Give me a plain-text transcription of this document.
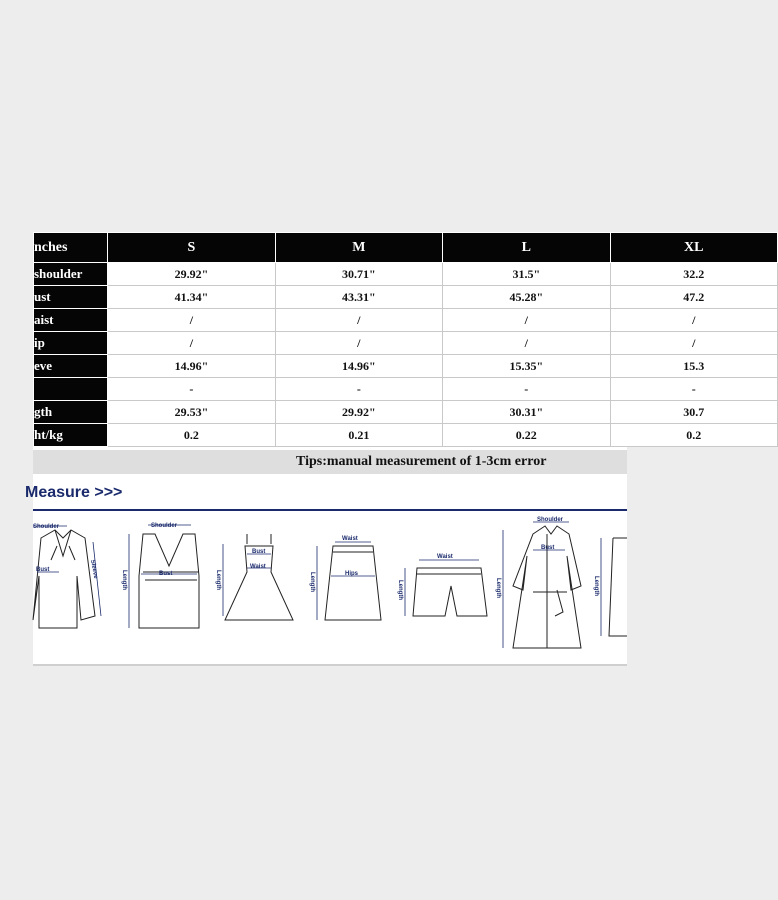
nches	S	M	L	XL
shoulder	29.92"	30.71"	31.5"	32.2
ust	41.34"	43.31"	45.28"	47.2
aist	/	/	/	/
ip	/	/	/	/
eve	14.96"	14.96"	15.35"	15.3
	-	-	-	-
gth	29.53"	29.92"	30.31"	30.7
ht/kg	0.2	0.21	0.22	0.2
Tips:manual measurement of 1-3cm error
Measure >>>
Shoulder
Bust	Sleeve
Shoulder
Bust
Length
Bust
Waist
Length
Waist
Hips
Length
Waist
Length
Shoulder
Bust
Length	Length
